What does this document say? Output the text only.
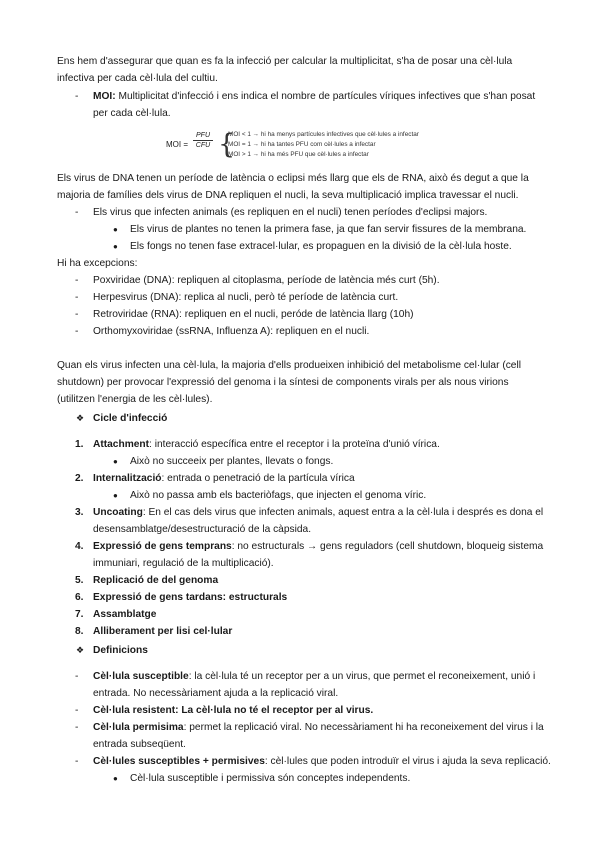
Ens hem d'assegurar que quan es fa la infecció per calcular la multiplicitat, s'ha de posar una cèl·lula

infectiva per cada cèl·lula del cultiu.

-	MOI: Multiplicitat d'infecció i ens indica el nombre de partícules víriques infectives que s'han posat
per cada cèl·lula.
MOI =
PFU
CFU {
MOI < 1 → hi ha menys partícules infectives que cèl·lules a infectar
MOI = 1 → hi ha tantes PFU com cèl·lules a infectar
MOI > 1 → hi ha més PFU que cèl·lules a infectar

Els virus de DNA tenen un període de latència o eclipsi més llarg que els de RNA, això és degut a que la

majoria de famílies dels virus de DNA repliquen el nucli, la seva multiplicació implica travessar el nucli.

-	Els virus que infecten animals (es repliquen en el nucli) tenen períodes d'eclipsi majors.
●	Els virus de plantes no tenen la primera fase, ja que fan servir fissures de la membrana.
●	Els fongs no tenen fase extracel·lular, es propaguen en la divisió de la cèl·lula hoste.

Hi ha excepcions:

-	Poxviridae (DNA): repliquen al citoplasma, període de latència més curt (5h).
-	Herpesvirus (DNA): replica al nucli, però té període de latència curt.
-	Retroviridae (RNA): repliquen en el nucli, peróde de latència llarg (10h)
-	Orthomyxoviridae (ssRNA, Influenza A): repliquen en el nucli.

Quan els virus infecten una cèl·lula, la majoria d'ells produeixen inhibició del metabolisme cel·lular (cell

shutdown) per provocar l'expressió del genoma i la síntesi de components virals per als nous virions

(utilitzen l'energia de les cèl·lules).

❖ Cicle d'infecció
1. Attachment: interacció específica entre el receptor i la proteïna d'unió vírica.
●	Això no succeeix per plantes, llevats o fongs.
2. Internalització: entrada o penetració de la partícula vírica
●	Això no passa amb els bacteriòfags, que injecten el genoma víric.
3. Uncoating: En el cas dels virus que infecten animals, aquest entra a la cèl·lula i després es dona el
desensamblatge/desestructuració de la càpsida.
4. Expressió de gens temprans: no estructurals → gens reguladors (cell shutdown, bloqueig sistema
immuniari, regulació de la multiplicació).
5. Replicació de del genoma
6. Expressió de gens tardans: estructurals
7. Assamblatge
8. Alliberament per lisi cel·lular
❖ Definicions
-	Cèl·lula susceptible: la cèl·lula té un receptor per a un virus, que permet el reconeixement, unió i
entrada. No necessàriament ajuda a la replicació viral.
-	Cèl·lula resistent: La cèl·lula no té el receptor per al virus.
-	Cèl·lula permisima: permet la replicació viral. No necessàriament hi ha reconeixement del virus i la
entrada subseqüent.
-	Cèl·lules susceptibles + permisives: cèl·lules que poden introduïr el virus i ajuda la seva replicació.
●	Cèl·lula susceptible i permissiva són conceptes independents.
